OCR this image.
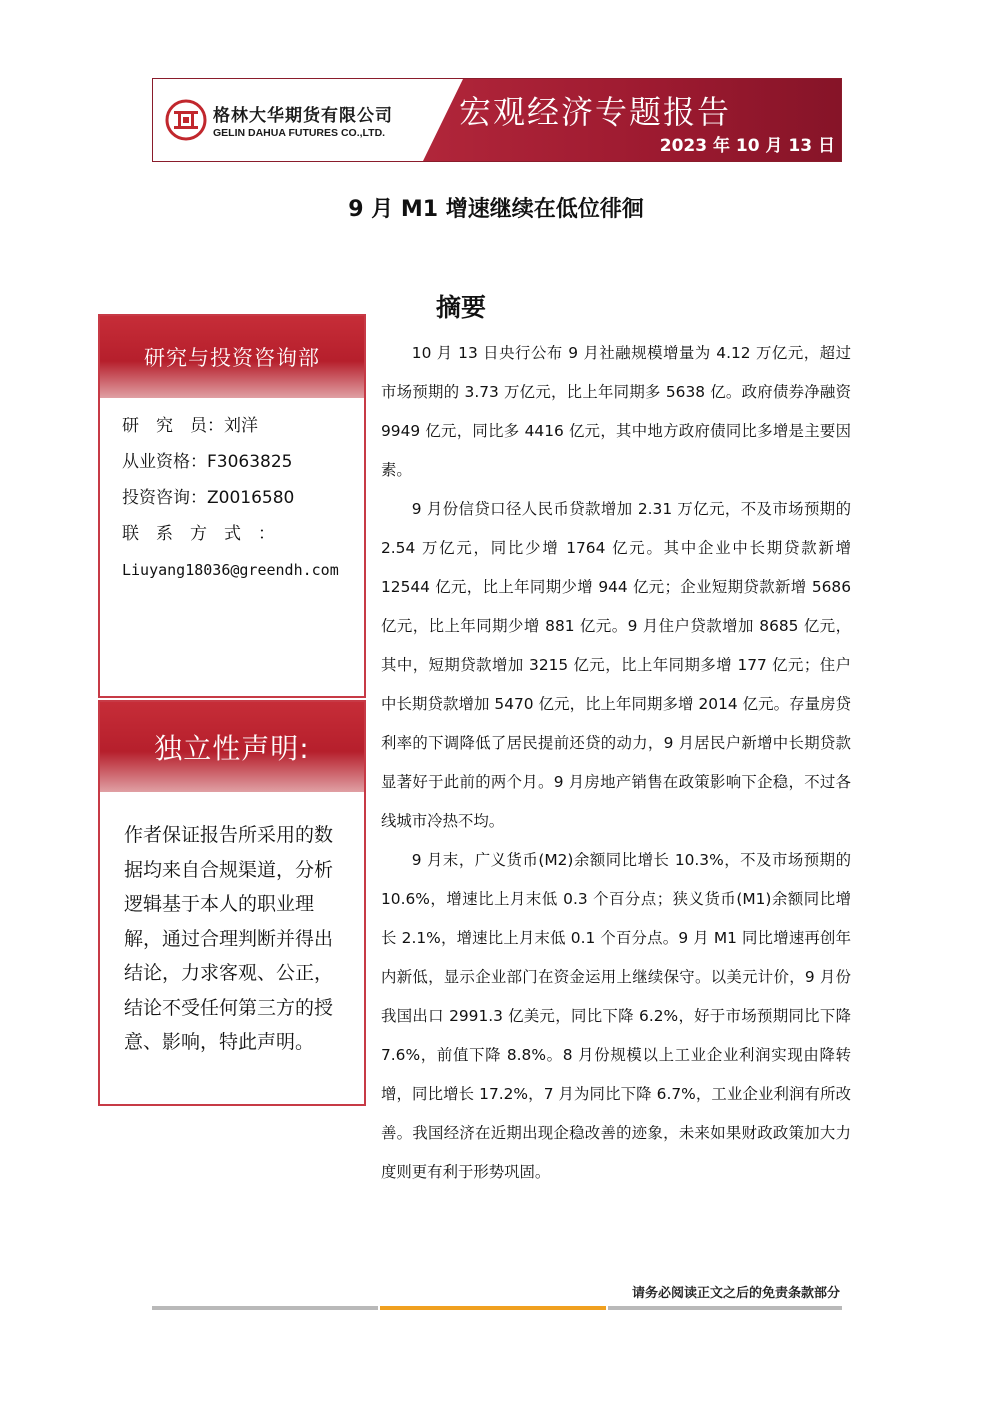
格林大华期货有限公司
GELIN DAHUA FUTURES CO.,LTD.
宏观经济专题报告
2023 年 10 月 13 日
9 月 M1 增速继续在低位徘徊
摘要
研究与投资咨询部
研　究　员：刘洋
从业资格：F3063825
投资咨询：Z0016580
联　系　方　式　：
Liuyang18036@greendh.com
独立性声明:
作者保证报告所采用的数据均来自合规渠道，分析逻辑基于本人的职业理解，通过合理判断并得出结论，力求客观、公正，结论不受任何第三方的授意、影响，特此声明。

10 月 13 日央行公布 9 月社融规模增量为 4.12 万亿元，超过市场预期的 3.73 万亿元，比上年同期多 5638 亿。政府债券净融资 9949 亿元，同比多 4416 亿元，其中地方政府债同比多增是主要因素。

9 月份信贷口径人民币贷款增加 2.31 万亿元，不及市场预期的 2.54 万亿元，同比少增 1764 亿元。其中企业中长期贷款新增 12544 亿元，比上年同期少增 944 亿元；企业短期贷款新增 5686 亿元，比上年同期少增 881 亿元。9 月住户贷款增加 8685 亿元，其中，短期贷款增加 3215 亿元，比上年同期多增 177 亿元；住户中长期贷款增加 5470 亿元，比上年同期多增 2014 亿元。存量房贷利率的下调降低了居民提前还贷的动力，9 月居民户新增中长期贷款显著好于此前的两个月。9 月房地产销售在政策影响下企稳，不过各线城市冷热不均。

9 月末，广义货币(M2)余额同比增长 10.3%，不及市场预期的 10.6%，增速比上月末低 0.3 个百分点；狭义货币(M1)余额同比增长 2.1%，增速比上月末低 0.1 个百分点。9 月 M1 同比增速再创年内新低，显示企业部门在资金运用上继续保守。以美元计价，9 月份我国出口 2991.3 亿美元，同比下降 6.2%，好于市场预期同比下降 7.6%，前值下降 8.8%。8 月份规模以上工业企业利润实现由降转增，同比增长 17.2%，7 月为同比下降 6.7%，工业企业利润有所改善。我国经济在近期出现企稳改善的迹象，未来如果财政政策加大力度则更有利于形势巩固。

请务必阅读正文之后的免责条款部分
